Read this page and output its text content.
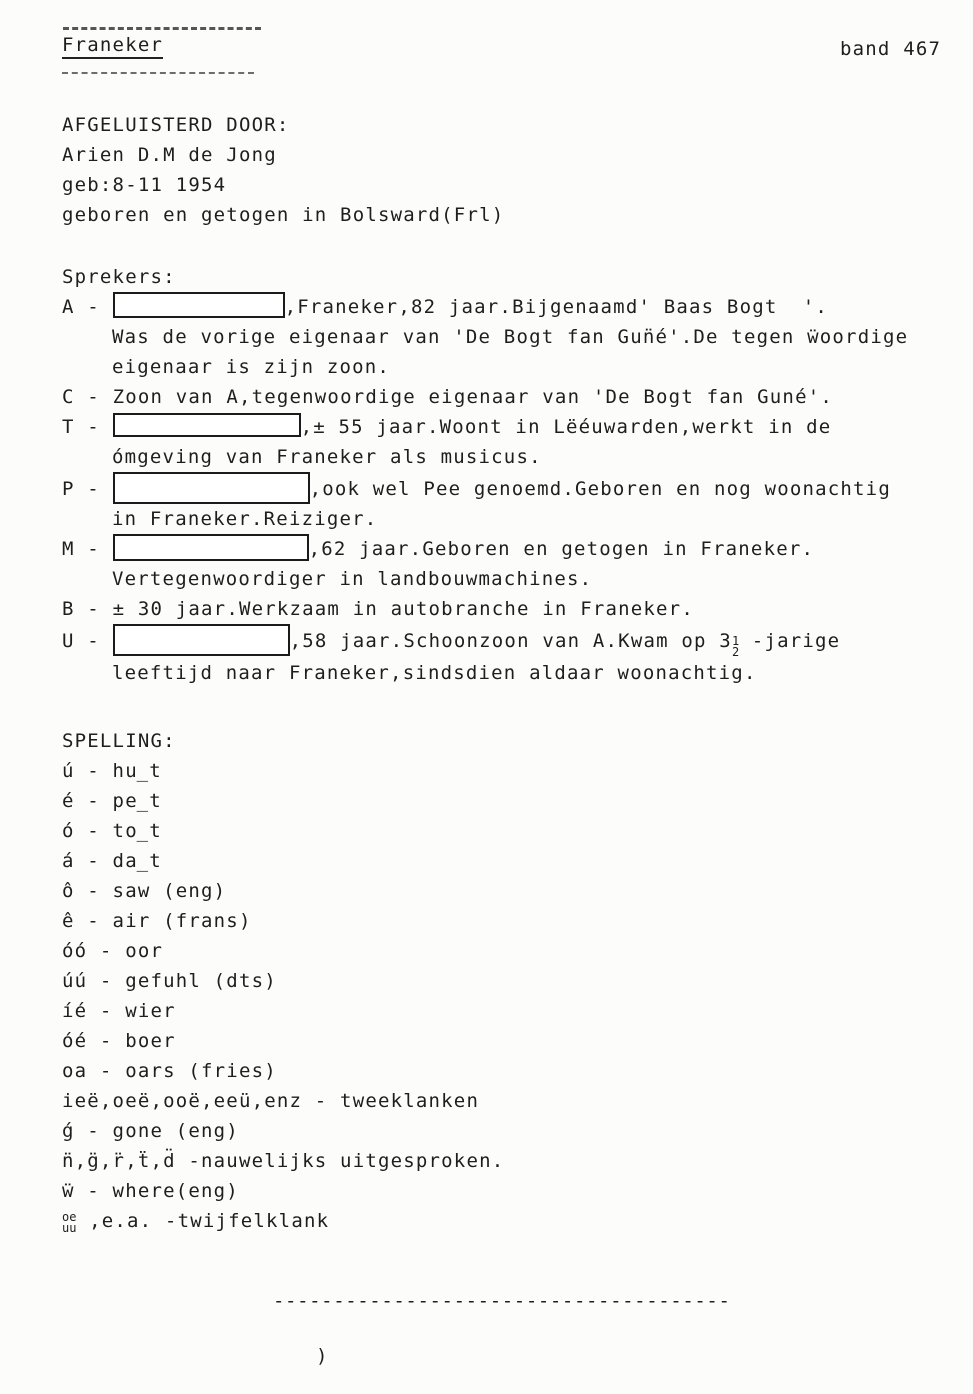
Franeker	band 467
AFGELUISTERD DOOR:
Arien D.M de Jong
geb:8-11 1954
geboren en getogen in Bolsward(Frl)
Sprekers:
A -	,Franeker,82 jaar.Bijgenaamd' Baas Bogt  '.
Was de vorige eigenaar van 'De Bogt fan Gun̈é'.De tegen ẅoordige
eigenaar is zijn zoon.
C - Zoon van A,tegenwoordige eigenaar van 'De Bogt fan Guné'.
T -	,± 55 jaar.Woont in Lëéuwarden,werkt in de
ómgeving van Franeker als musicus.
P -	,ook wel Pee genoemd.Geboren en nog woonachtig
in Franeker.Reiziger.
M -	,62 jaar.Geboren en getogen in Franeker.
Vertegenwoordiger in landbouwmachines.
B - ± 30 jaar.Werkzaam in autobranche in Franeker.
U -	,58 jaar.Schoonzoon van A.Kwam op 3 1
2 -jarige
leeftijd naar Franeker,sindsdien aldaar woonachtig.
SPELLING:
ú - hu̲t
é - pe̲t
ó - to̲t
á - da̲t
ô - saw (eng)
ê - air (frans)
óó - oor
úú - gefuhl (dts)
íé - wier
óé - boer
oa - oars (fries)
ieë,oeë,ooë,eeü,enz - tweeklanken
ǵ - gone (eng)
n̈,g̈,r̈,ẗ,d̈ -nauwelijks uitgesproken.
ẅ - where(eng)
oe
uu ,e.a. -twijfelklank
--------------------------------------
)
